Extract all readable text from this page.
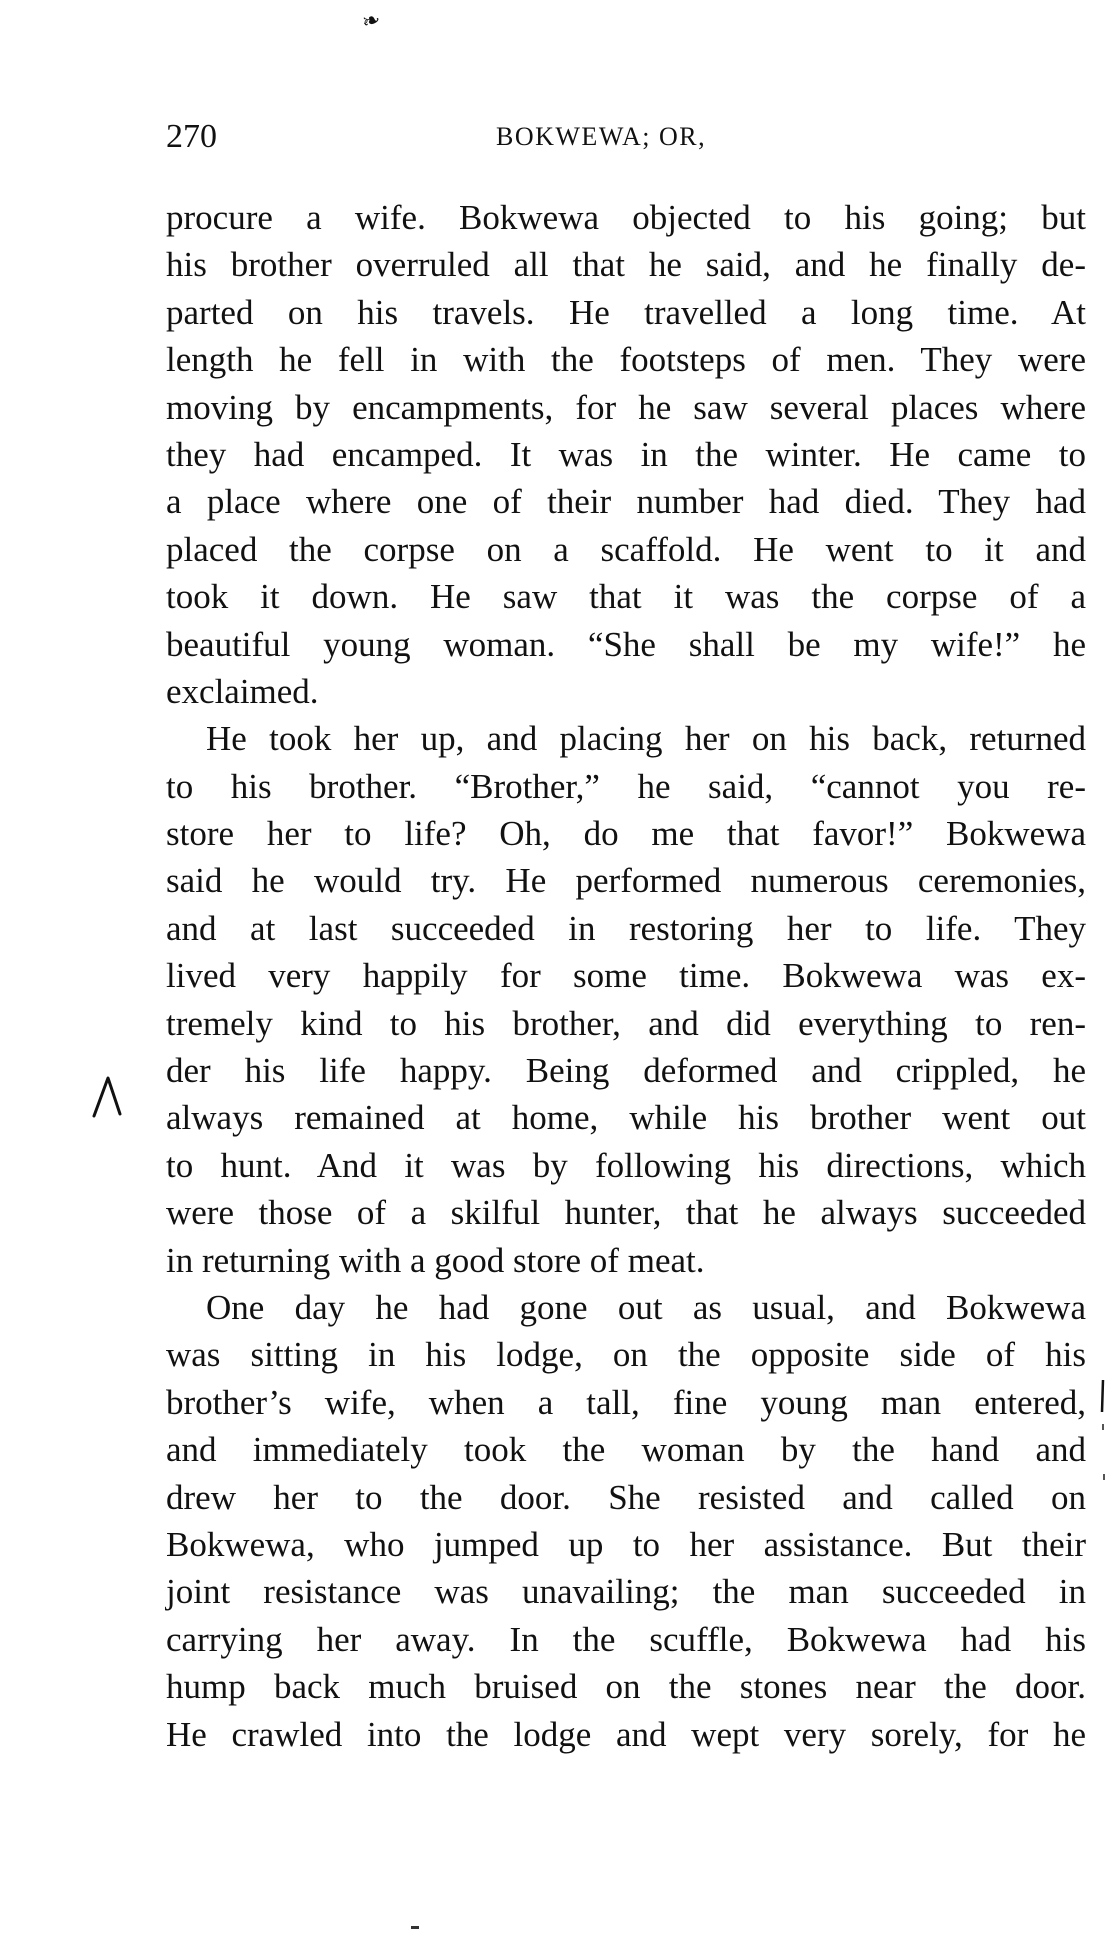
❧
270	BOKWEWA; OR,
procure a wife. Bokwewa objected to his going; but
his brother overruled all that he said, and he finally de-
parted on his travels. He travelled a long time. At
length he fell in with the footsteps of men. They were
moving by encampments, for he saw several places where
they had encamped. It was in the winter. He came to
a place where one of their number had died. They had
placed the corpse on a scaffold. He went to it and
took it down. He saw that it was the corpse of a
beautiful young woman. “She shall be my wife!” he
exclaimed.
He took her up, and placing her on his back, returned
to his brother. “Brother,” he said, “cannot you re-
store her to life? Oh, do me that favor!” Bokwewa
said he would try. He performed numerous ceremonies,
and at last succeeded in restoring her to life. They
lived very happily for some time. Bokwewa was ex-
tremely kind to his brother, and did everything to ren-
der his life happy. Being deformed and crippled, he
always remained at home, while his brother went out
to hunt. And it was by following his directions, which
were those of a skilful hunter, that he always succeeded
in returning with a good store of meat.
One day he had gone out as usual, and Bokwewa
was sitting in his lodge, on the opposite side of his
brother’s wife, when a tall, fine young man entered,
and immediately took the woman by the hand and
drew her to the door. She resisted and called on
Bokwewa, who jumped up to her assistance. But their
joint resistance was unavailing; the man succeeded in
carrying her away. In the scuffle, Bokwewa had his
hump back much bruised on the stones near the door.
He crawled into the lodge and wept very sorely, for he
